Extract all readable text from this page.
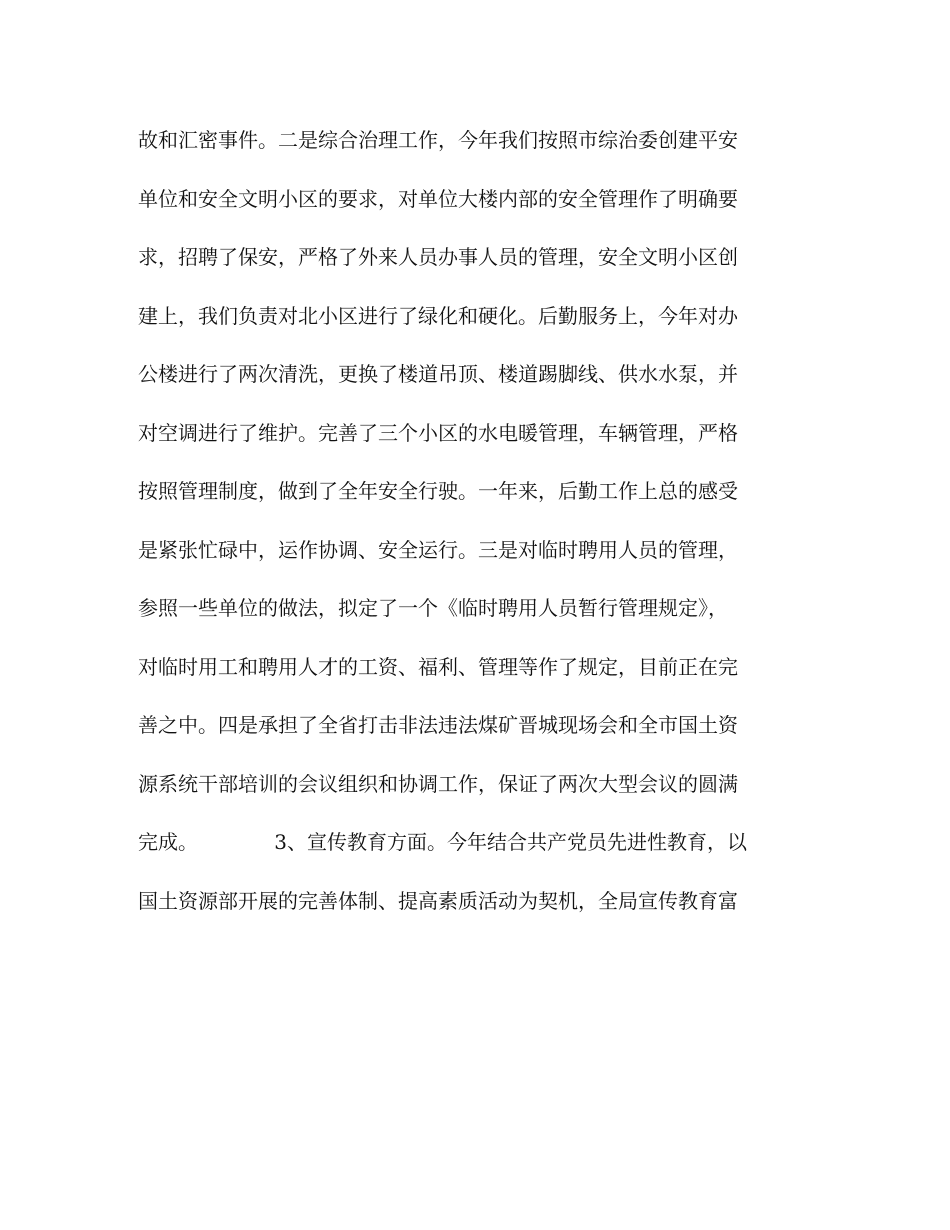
故和汇密事件。二是综合治理工作，今年我们按照市综治委创建平安
单位和安全文明小区的要求，对单位大楼内部的安全管理作了明确要
求，招聘了保安，严格了外来人员办事人员的管理，安全文明小区创
建上，我们负责对北小区进行了绿化和硬化。后勤服务上，今年对办
公楼进行了两次清洗，更换了楼道吊顶、楼道踢脚线、供水水泵，并
对空调进行了维护。完善了三个小区的水电暖管理，车辆管理，严格
按照管理制度，做到了全年安全行驶。一年来，后勤工作上总的感受
是紧张忙碌中，运作协调、安全运行。三是对临时聘用人员的管理，
参照一些单位的做法，拟定了一个《临时聘用人员暂行管理规定》，
对临时用工和聘用人才的工资、福利、管理等作了规定，目前正在完
善之中。四是承担了全省打击非法违法煤矿晋城现场会和全市国土资
源系统干部培训的会议组织和协调工作，保证了两次大型会议的圆满
完成。            3、宣传教育方面。今年结合共产党员先进性教育，以
国土资源部开展的完善体制、提高素质活动为契机，全局宣传教育富
